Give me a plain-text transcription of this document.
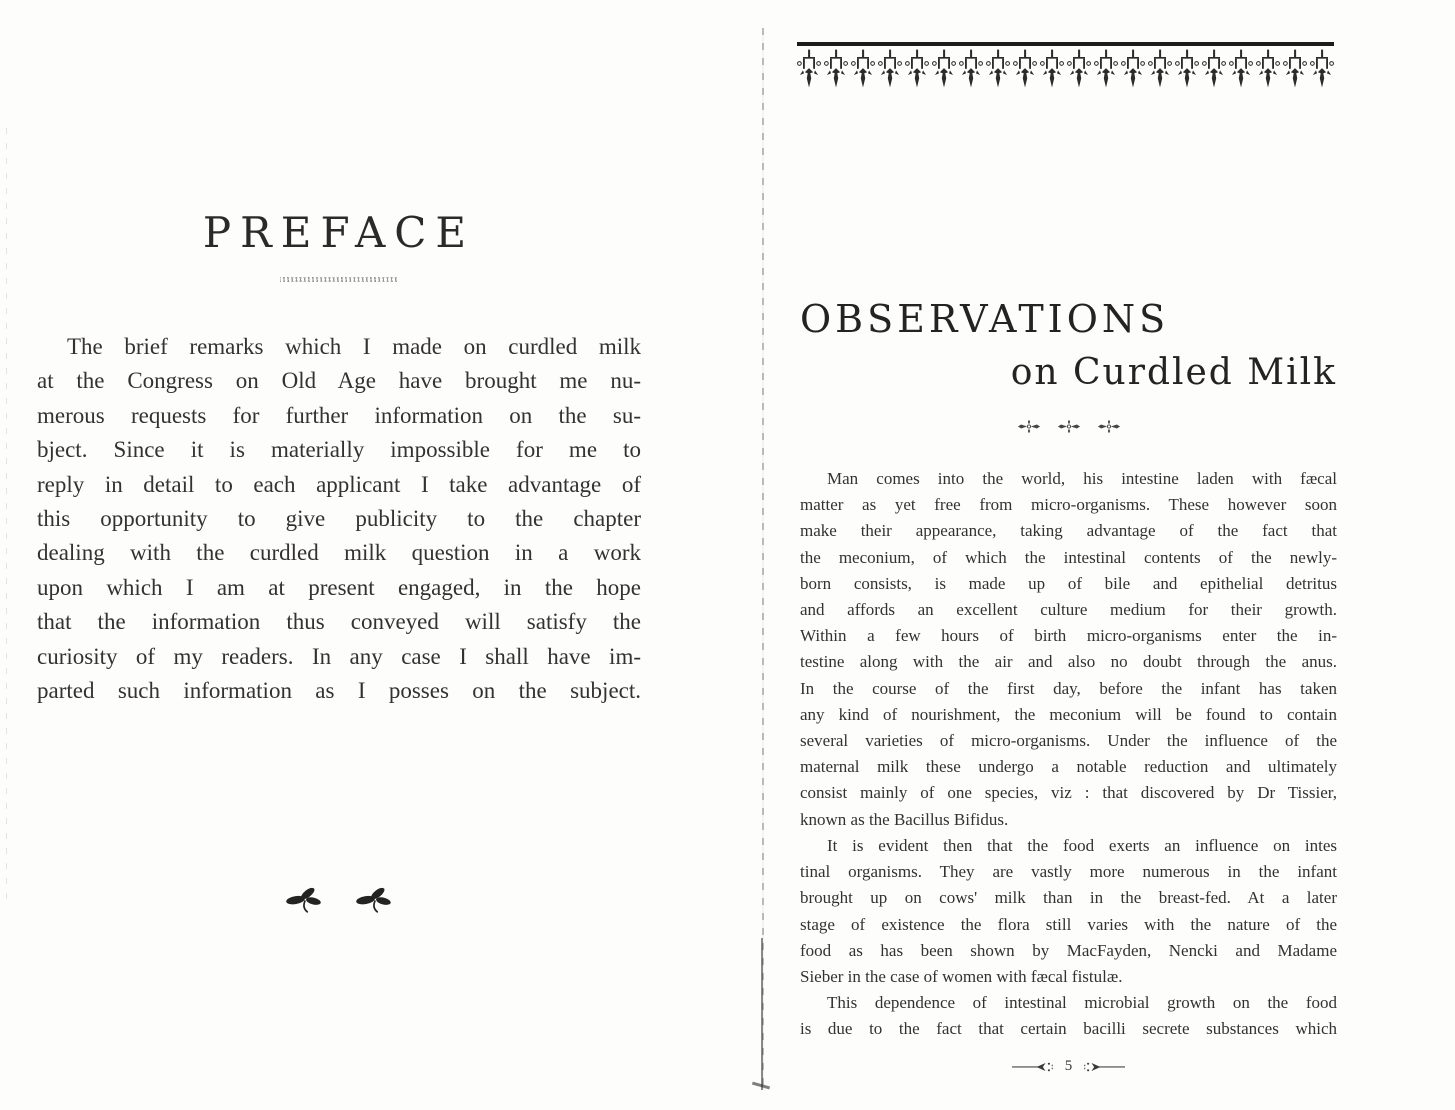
PREFACE
The brief remarks which I made on curdled milk
at the Congress on Old Age have brought me nu-
merous requests for further information on the su-
bject. Since it is materially impossible for me to
reply in detail to each applicant I take advantage of
this opportunity to give publicity to the chapter
dealing with the curdled milk question in a work
upon which I am at present engaged, in the hope
that the information thus conveyed will satisfy the
curiosity of my readers. In any case I shall have im-
parted such information as I posses on the subject.
OBSERVATIONS
on Curdled Milk
Man comes into the world, his intestine laden with fæcal
matter as yet free from micro-organisms. These however soon
make their appearance, taking advantage of the fact that
the meconium, of which the intestinal contents of the newly-
born consists, is made up of bile and epithelial detritus
and affords an excellent culture medium for their growth.
Within a few hours of birth micro-organisms enter the in-
testine along with the air and also no doubt through the anus.
In the course of the first day, before the infant has taken
any kind of nourishment, the meconium will be found to contain
several varieties of micro-organisms. Under the influence of the
maternal milk these undergo a notable reduction and ultimately
consist mainly of one species, viz : that discovered by Dr Tissier,
known as the Bacillus Bifidus.
It is evident then that the food exerts an influence on intes
tinal organisms. They are vastly more numerous in the infant
brought up on cows' milk than in the breast-fed. At a later
stage of existence the flora still varies with the nature of the
food as has been shown by MacFayden, Nencki and Madame
Sieber in the case of women with fæcal fistulæ.
This dependence of intestinal microbial growth on the food
is due to the fact that certain bacilli secrete substances which
5
